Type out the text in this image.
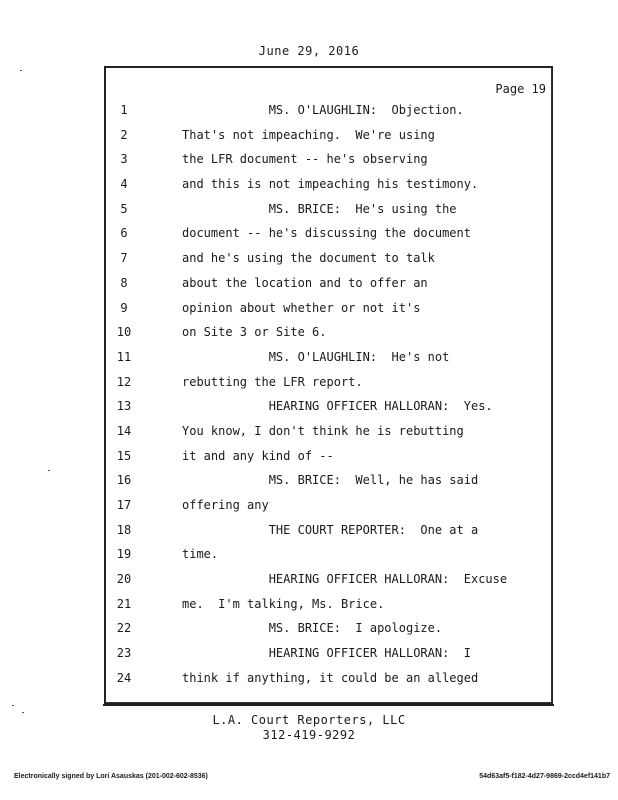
June 29, 2016
Page 19
1	MS. O'LAUGHLIN:  Objection.
2	That's not impeaching.  We're using
3	the LFR document -- he's observing
4	and this is not impeaching his testimony.
5	MS. BRICE:  He's using the
6	document -- he's discussing the document
7	and he's using the document to talk
8	about the location and to offer an
9	opinion about whether or not it's
10	on Site 3 or Site 6.
11	MS. O'LAUGHLIN:  He's not
12	rebutting the LFR report.
13	HEARING OFFICER HALLORAN:  Yes.
14	You know, I don't think he is rebutting
15	it and any kind of --
16	MS. BRICE:  Well, he has said
17	offering any
18	THE COURT REPORTER:  One at a
19	time.
20	HEARING OFFICER HALLORAN:  Excuse
21	me.  I'm talking, Ms. Brice.
22	MS. BRICE:  I apologize.
23	HEARING OFFICER HALLORAN:  I
24	think if anything, it could be an alleged
L.A. Court Reporters, LLC
312-419-9292
Electronically signed by Lori Asauskas (201-002-602-8536)	54d63af5-f182-4d27-9869-2ccd4ef141b7
